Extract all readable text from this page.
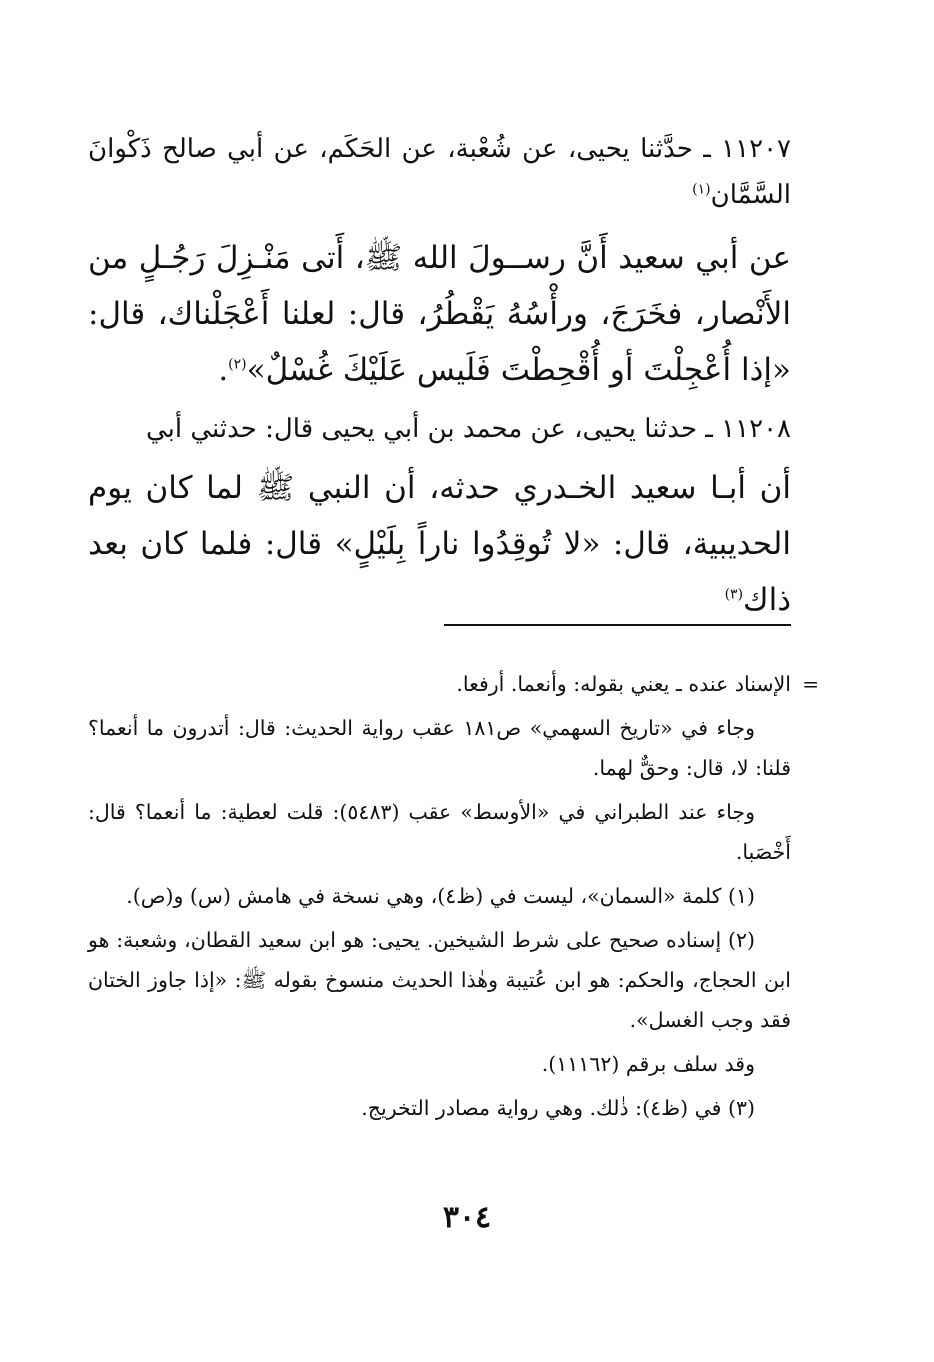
١١٢٠٧ ـ حدَّثنا يحيى، عن شُعْبة، عن الحَكَم، عن أبي صالح ذَكْوانَ السَّمَّان$^{(١)}$

عن أبي سعيد أَنَّ رســولَ الله ﷺ، أَتى مَنْـزِلَ رَجُـلٍ من الأَنْصار، فخَرَجَ، ورأْسُهُ يَقْطُرُ، قال: لعلنا أَعْجَلْناك، قال: «إذا أُعْجِلْتَ أو أُقْحِطْتَ فَلَيس عَلَيْكَ غُسْلٌ»$^{(٢)}$.

١١٢٠٨ ـ حدثنا يحيى، عن محمد بن أبي يحيى قال: حدثني أبي

أن أبـا سعيد الخـدري حدثه، أن النبي ﷺ لما كان يوم الحديبية، قال: «لا تُوقِدُوا ناراً بِلَيْلٍ» قال: فلما كان بعد ذاك$^{(٣)}$

=
الإسناد عنده ـ يعني بقوله: وأنعما. أرفعا.

وجاء في «تاريخ السهمي» ص١٨١ عقب رواية الحديث: قال: أتدرون ما أنعما؟ قلنا: لا، قال: وحقٌّ لهما.

وجاء عند الطبراني في «الأوسط» عقب (٥٤٨٣): قلت لعطية: ما أنعما؟ قال: أَخْصَبا.

(١) كلمة «السمان»، ليست في (ظ٤)، وهي نسخة في هامش (س) و(ص).

(٢) إسناده صحيح على شرط الشيخين. يحيى: هو ابن سعيد القطان، وشعبة: هو ابن الحجاج، والحكم: هو ابن عُتيبة وهٰذا الحديث منسوخ بقوله ﷺ: «إذا جاوز الختان فقد وجب الغسل».

وقد سلف برقم (١١١٦٢).

(٣) في (ظ٤): ذٰلك. وهي رواية مصادر التخريج.

٣٠٤
